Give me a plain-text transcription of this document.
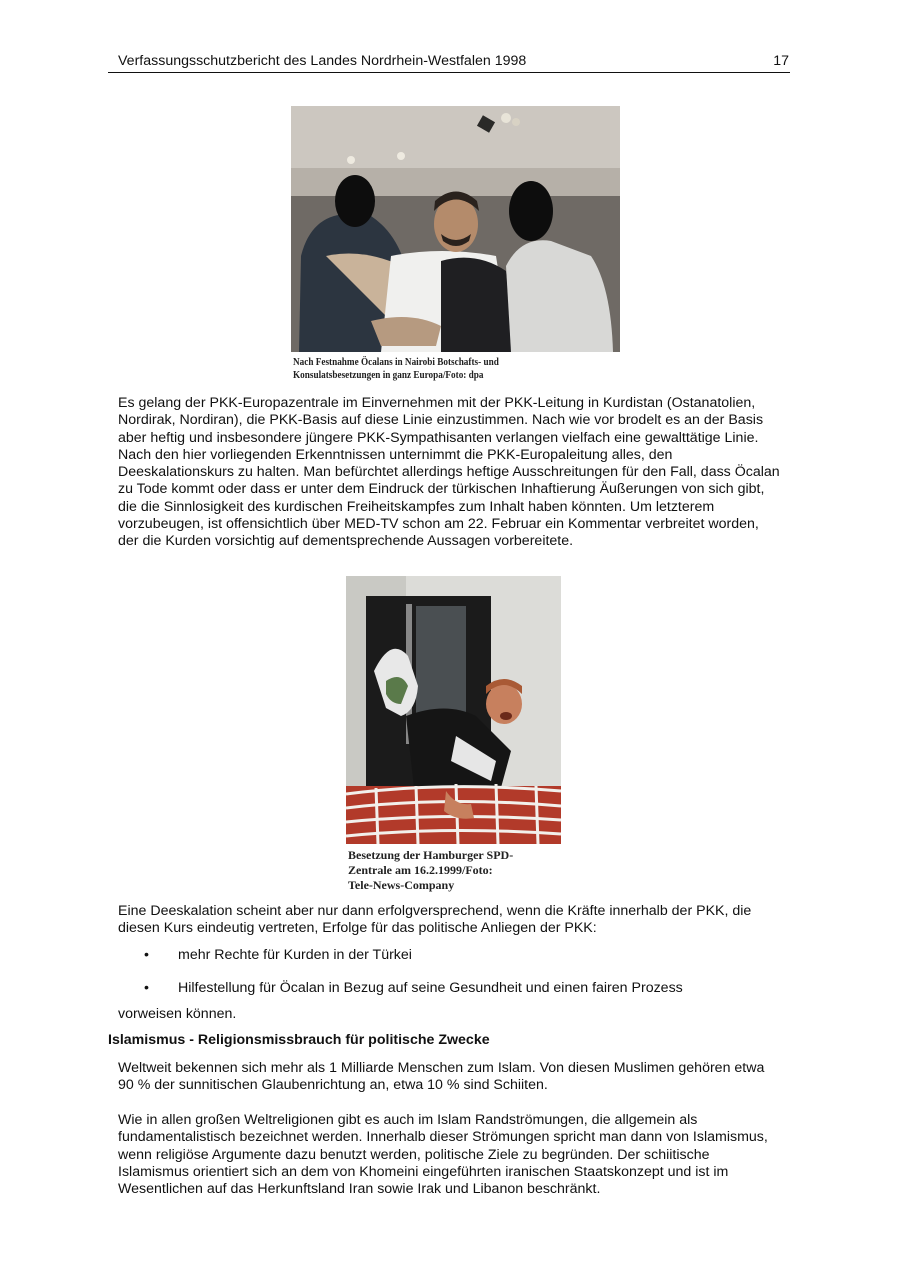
Verfassungsschutzbericht des Landes Nordrhein-Westfalen 1998	17
Nach Festnahme Öcalans in Nairobi Botschafts- und
Konsulatsbesetzungen in ganz Europa/Foto: dpa

Es gelang der PKK-Europazentrale im Einvernehmen mit der PKK-Leitung in Kurdistan (Ostanatolien, Nordirak, Nordiran), die PKK-Basis auf diese Linie einzustimmen. Nach wie vor brodelt es an der Basis aber heftig und insbesondere jüngere PKK-Sympathisanten verlangen vielfach eine gewalttätige Linie. Nach den hier vorliegenden Erkenntnissen unternimmt die PKK-Europaleitung alles, den Deeskalationskurs zu halten. Man befürchtet allerdings heftige Ausschreitungen für den Fall, dass Öcalan zu Tode kommt oder dass er unter dem Eindruck der türkischen Inhaftierung Äußerungen von sich gibt, die die Sinnlosigkeit des kurdischen Freiheitskampfes zum Inhalt haben könnten. Um letzterem vorzubeugen, ist offensichtlich über MED-TV schon am 22. Februar ein Kommentar verbreitet worden, der die Kurden vorsichtig auf dementsprechende Aussagen vorbereitete.

Besetzung der Hamburger SPD-
Zentrale am 16.2.1999/Foto:
Tele-News-Company

Eine Deeskalation scheint aber nur dann erfolgversprechend, wenn die Kräfte innerhalb der PKK, die diesen Kurs eindeutig vertreten, Erfolge für das politische Anliegen der PKK:

• mehr Rechte für Kurden in der Türkei
• Hilfestellung für Öcalan in Bezug auf seine Gesundheit und einen fairen Prozess

vorweisen können.

Islamismus - Religionsmissbrauch für politische Zwecke

Weltweit bekennen sich mehr als 1 Milliarde Menschen zum Islam. Von diesen Muslimen gehören etwa 90 % der sunnitischen Glaubenrichtung an, etwa 10 % sind Schiiten.

Wie in allen großen Weltreligionen gibt es auch im Islam Randströmungen, die allgemein als fundamentalistisch bezeichnet werden. Innerhalb dieser Strömungen spricht man dann von Islamismus, wenn religiöse Argumente dazu benutzt werden, politische Ziele zu begründen. Der schiitische Islamismus orientiert sich an dem von Khomeini eingeführten iranischen Staatskonzept und ist im Wesentlichen auf das Herkunftsland Iran sowie Irak und Libanon beschränkt.
